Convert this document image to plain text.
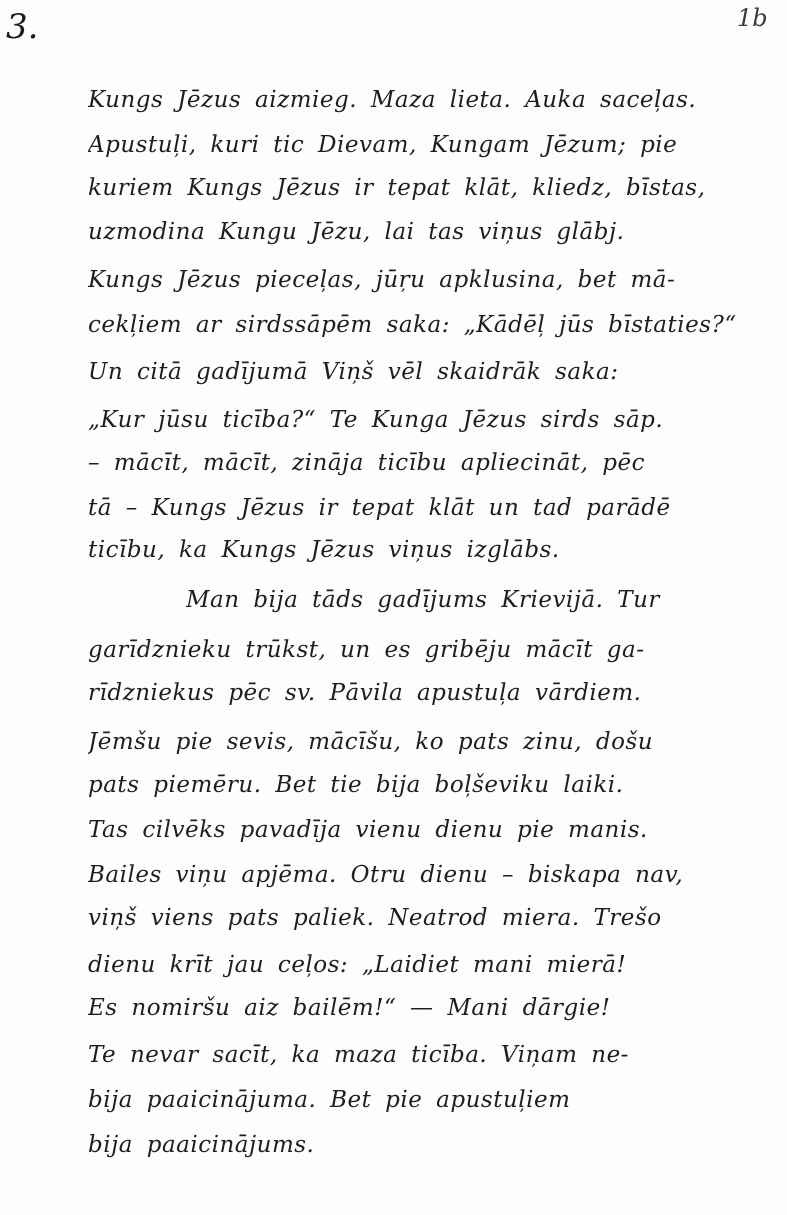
3.	1b
Kungs Jēzus aizmieg. Maza lieta. Auka saceļas.
Apustuļi, kuri tic Dievam, Kungam Jēzum; pie
kuriem Kungs Jēzus ir tepat klāt, kliedz, bīstas,
uzmodina Kungu Jēzu, lai tas viņus glābj.
Kungs Jēzus pieceļas, jūŗu apklusina, bet mā-
cekļiem ar sirdssāpēm saka: „Kādēļ jūs bīstaties?“
Un citā gadījumā Viņš vēl skaidrāk saka:
„Kur jūsu ticība?“ Te Kunga Jēzus sirds sāp.
– mācīt, mācīt, zināja ticību apliecināt, pēc
tā – Kungs Jēzus ir tepat klāt un tad parādē
ticību, ka Kungs Jēzus viņus izglābs.
Man bija tāds gadījums Krievijā. Tur
garīdznieku trūkst, un es gribēju mācīt ga-
rīdzniekus pēc sv. Pāvila apustuļa vārdiem.
Jēmšu pie sevis, mācīšu, ko pats zinu, došu
pats piemēru. Bet tie bija boļševiku laiki.
Tas cilvēks pavadīja vienu dienu pie manis.
Bailes viņu apjēma. Otru dienu – biskapa nav,
viņš viens pats paliek. Neatrod miera. Trešo
dienu krīt jau ceļos: „Laidiet mani mierā!
Es nomiršu aiz bailēm!“ — Mani dārgie!
Te nevar sacīt, ka maza ticība. Viņam ne-
bija paaicinājuma. Bet pie apustuļiem
bija paaicinājums.
